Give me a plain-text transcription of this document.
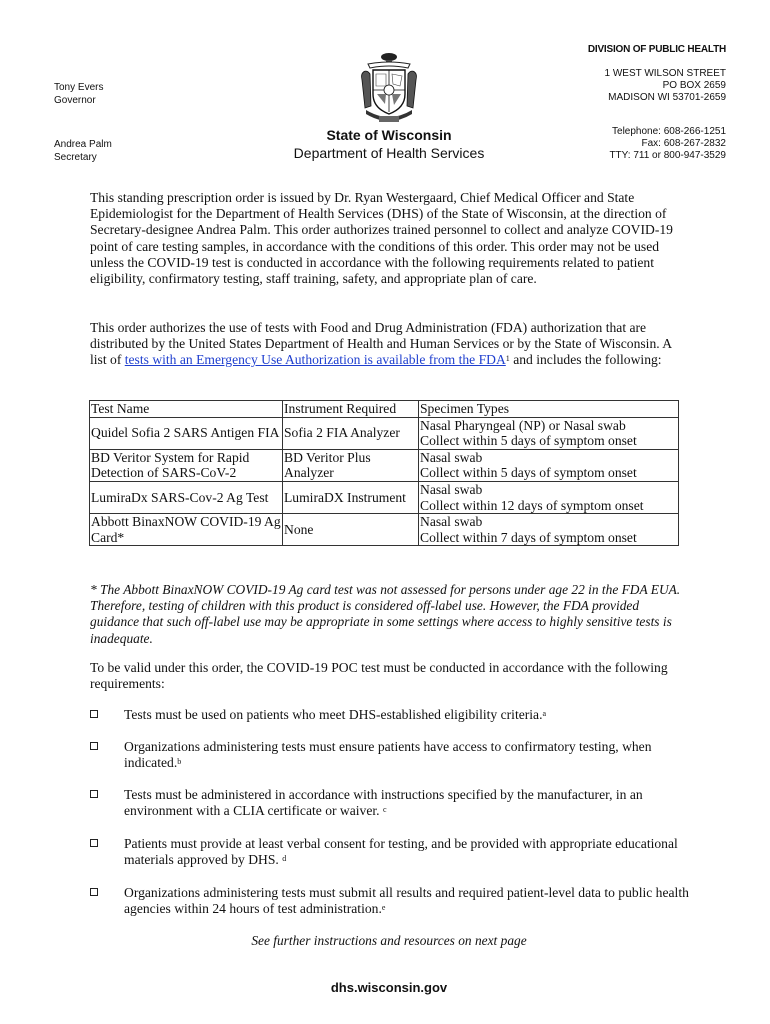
DIVISION OF PUBLIC HEALTH
1 WEST WILSON STREET
PO BOX 2659
MADISON WI 53701-2659
Telephone: 608-266-1251
Fax: 608-267-2832
TTY: 711 or 800-947-3529
Tony Evers
Governor
Andrea Palm
Secretary
State of Wisconsin
Department of Health Services
This standing prescription order is issued by Dr. Ryan Westergaard, Chief Medical Officer and State Epidemiologist for the Department of Health Services (DHS) of the State of Wisconsin, at the direction of Secretary-designee Andrea Palm. This order authorizes trained personnel to collect and analyze COVID-19 point of care testing samples, in accordance with the conditions of this order. This order may not be used unless the COVID-19 test is conducted in accordance with the following requirements related to patient eligibility, confirmatory testing, staff training, safety, and appropriate plan of care.
This order authorizes the use of tests with Food and Drug Administration (FDA) authorization that are distributed by the United States Department of Health and Human Services or by the State of Wisconsin. A list of tests with an Emergency Use Authorization is available from the FDA$^1$ and includes the following:
Test Name	Instrument Required	Specimen Types
Quidel Sofia 2 SARS Antigen FIA	Sofia 2 FIA Analyzer	Nasal Pharyngeal (NP) or Nasal swab
Collect within 5 days of symptom onset

BD Veritor System for Rapid Detection of SARS-CoV-2	BD Veritor Plus Analyzer	Nasal swab
Collect within 5 days of symptom onset

LumiraDx SARS-Cov-2 Ag Test	LumiraDX Instrument	Nasal swab
Collect within 12 days of symptom onset

Abbott BinaxNOW COVID-19 Ag Card*	None	Nasal swab
Collect within 7 days of symptom onset
* The Abbott BinaxNOW COVID-19 Ag card test was not assessed for persons under age 22 in the FDA EUA. Therefore, testing of children with this product is considered off-label use. However, the FDA provided guidance that such off-label use may be appropriate in some settings where access to highly sensitive tests is inadequate.
To be valid under this order, the COVID-19 POC test must be conducted in accordance with the following requirements:
Tests must be used on patients who meet DHS-established eligibility criteria.$^a$
Organizations administering tests must ensure patients have access to confirmatory testing, when indicated.$^b$
Tests must be administered in accordance with instructions specified by the manufacturer, in an environment with a CLIA certificate or waiver. $^c$
Patients must provide at least verbal consent for testing, and be provided with appropriate educational materials approved by DHS. $^d$
Organizations administering tests must submit all results and required patient-level data to public health agencies within 24 hours of test administration.$^e$
See further instructions and resources on next page
dhs.wisconsin.gov
